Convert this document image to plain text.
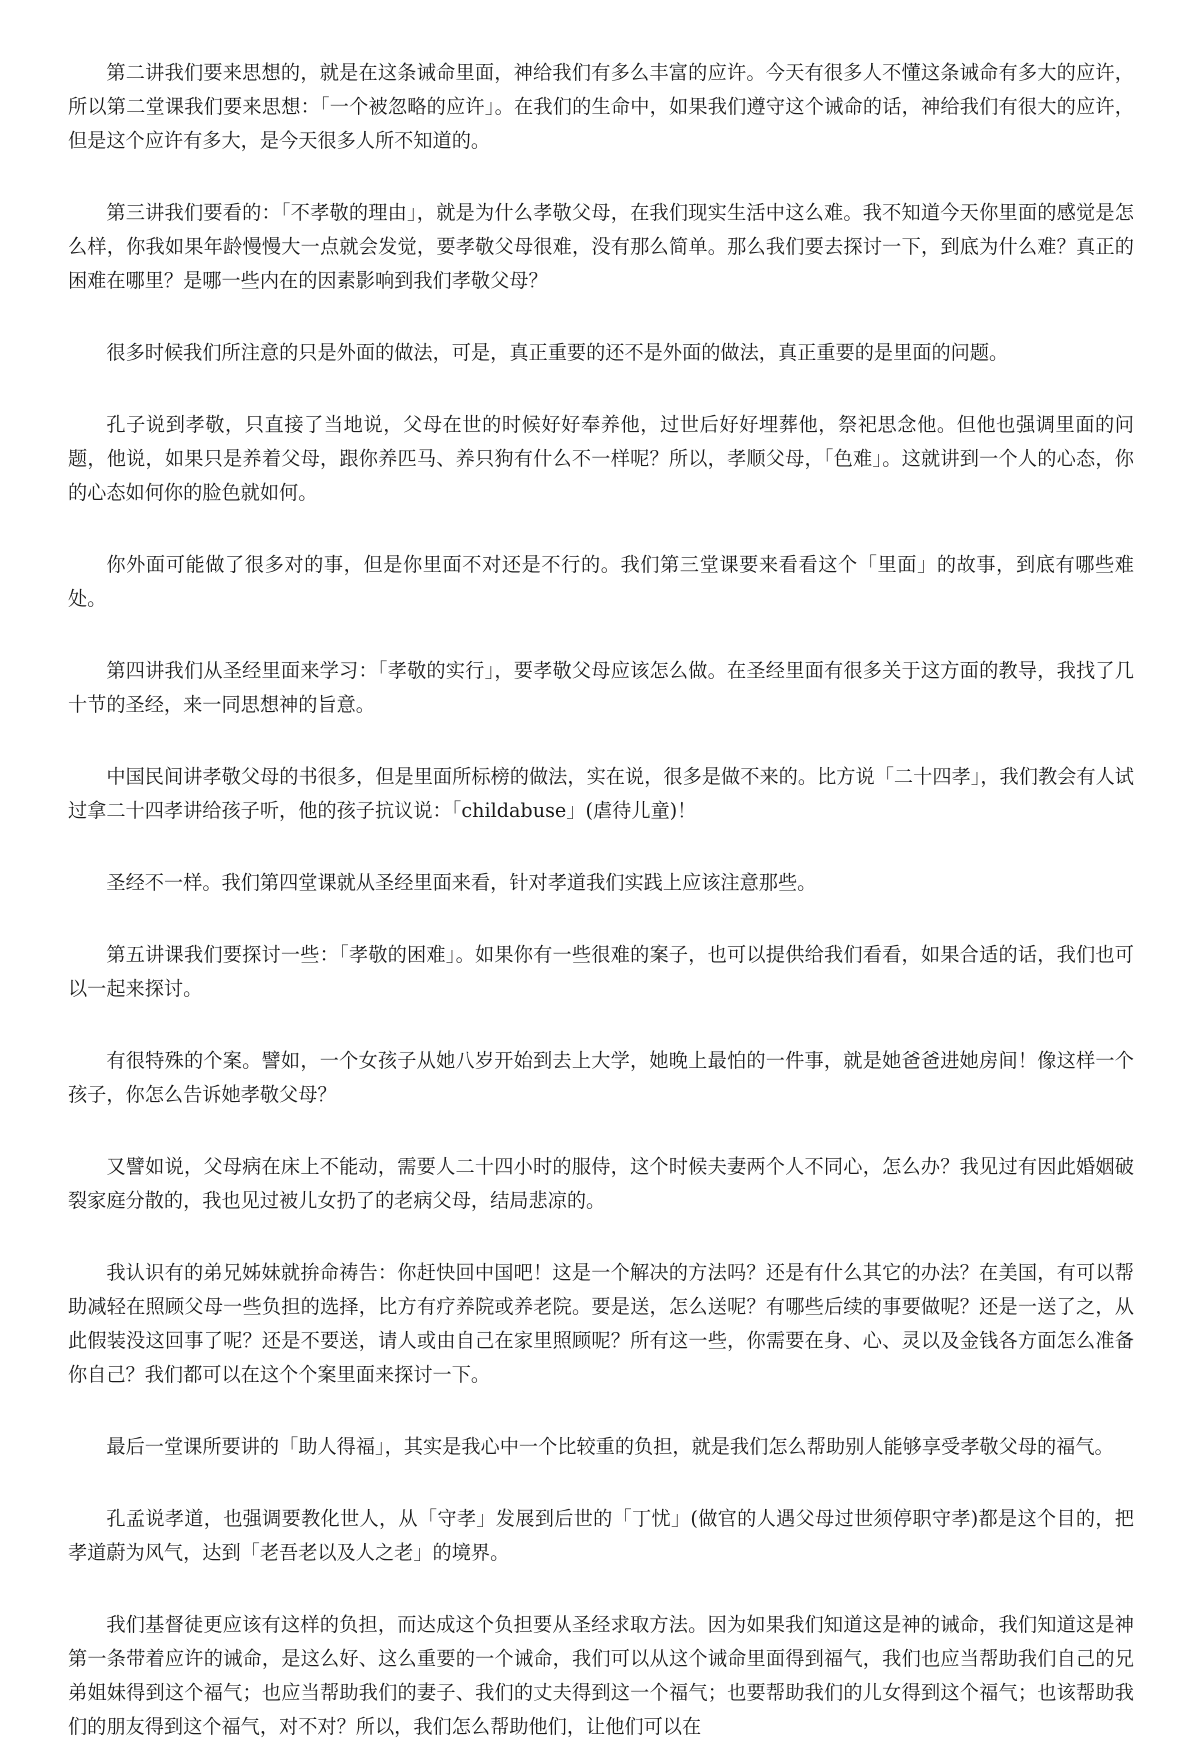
第二讲我们要来思想的，就是在这条诫命里面，神给我们有多么丰富的应许。今天有很多人不懂这条诫命有多大的应许，所以第二堂课我们要来思想：「一个被忽略的应许」。在我们的生命中，如果我们遵守这个诫命的话，神给我们有很大的应许，但是这个应许有多大，是今天很多人所不知道的。

第三讲我们要看的：「不孝敬的理由」，就是为什么孝敬父母，在我们现实生活中这么难。我不知道今天你里面的感觉是怎么样，你我如果年龄慢慢大一点就会发觉，要孝敬父母很难，没有那么简单。那么我们要去探讨一下，到底为什么难？真正的困难在哪里？是哪一些内在的因素影响到我们孝敬父母？

很多时候我们所注意的只是外面的做法，可是，真正重要的还不是外面的做法，真正重要的是里面的问题。

孔子说到孝敬，只直接了当地说，父母在世的时候好好奉养他，过世后好好埋葬他，祭祀思念他。但他也强调里面的问题，他说，如果只是养着父母，跟你养匹马、养只狗有什么不一样呢？所以，孝顺父母，「色难」。这就讲到一个人的心态，你的心态如何你的脸色就如何。

你外面可能做了很多对的事，但是你里面不对还是不行的。我们第三堂课要来看看这个「里面」的故事，到底有哪些难处。

第四讲我们从圣经里面来学习：「孝敬的实行」，要孝敬父母应该怎么做。在圣经里面有很多关于这方面的教导，我找了几十节的圣经，来一同思想神的旨意。

中国民间讲孝敬父母的书很多，但是里面所标榜的做法，实在说，很多是做不来的。比方说「二十四孝」，我们教会有人试过拿二十四孝讲给孩子听，他的孩子抗议说：「childabuse」(虐待儿童)！

圣经不一样。我们第四堂课就从圣经里面来看，针对孝道我们实践上应该注意那些。

第五讲课我们要探讨一些：「孝敬的困难」。如果你有一些很难的案子，也可以提供给我们看看，如果合适的话，我们也可以一起来探讨。

有很特殊的个案。譬如，一个女孩子从她八岁开始到去上大学，她晚上最怕的一件事，就是她爸爸进她房间！像这样一个孩子，你怎么告诉她孝敬父母？

又譬如说，父母病在床上不能动，需要人二十四小时的服侍，这个时候夫妻两个人不同心，怎么办？我见过有因此婚姻破裂家庭分散的，我也见过被儿女扔了的老病父母，结局悲凉的。

我认识有的弟兄姊妹就拚命祷告：你赶快回中国吧！这是一个解决的方法吗？还是有什么其它的办法？在美国，有可以帮助减轻在照顾父母一些负担的选择，比方有疗养院或养老院。要是送，怎么送呢？有哪些后续的事要做呢？还是一送了之，从此假装没这回事了呢？还是不要送，请人或由自己在家里照顾呢？所有这一些，你需要在身、心、灵以及金钱各方面怎么准备你自己？我们都可以在这个个案里面来探讨一下。

最后一堂课所要讲的「助人得福」，其实是我心中一个比较重的负担，就是我们怎么帮助别人能够享受孝敬父母的福气。

孔孟说孝道，也强调要教化世人，从「守孝」发展到后世的「丁忧」(做官的人遇父母过世须停职守孝)都是这个目的，把孝道蔚为风气，达到「老吾老以及人之老」的境界。

我们基督徒更应该有这样的负担，而达成这个负担要从圣经求取方法。因为如果我们知道这是神的诫命，我们知道这是神第一条带着应许的诫命，是这么好、这么重要的一个诫命，我们可以从这个诫命里面得到福气，我们也应当帮助我们自己的兄弟姐妹得到这个福气；也应当帮助我们的妻子、我们的丈夫得到这一个福气；也要帮助我们的儿女得到这个福气；也该帮助我们的朋友得到这个福气，对不对？所以，我们怎么帮助他们，让他们可以在
